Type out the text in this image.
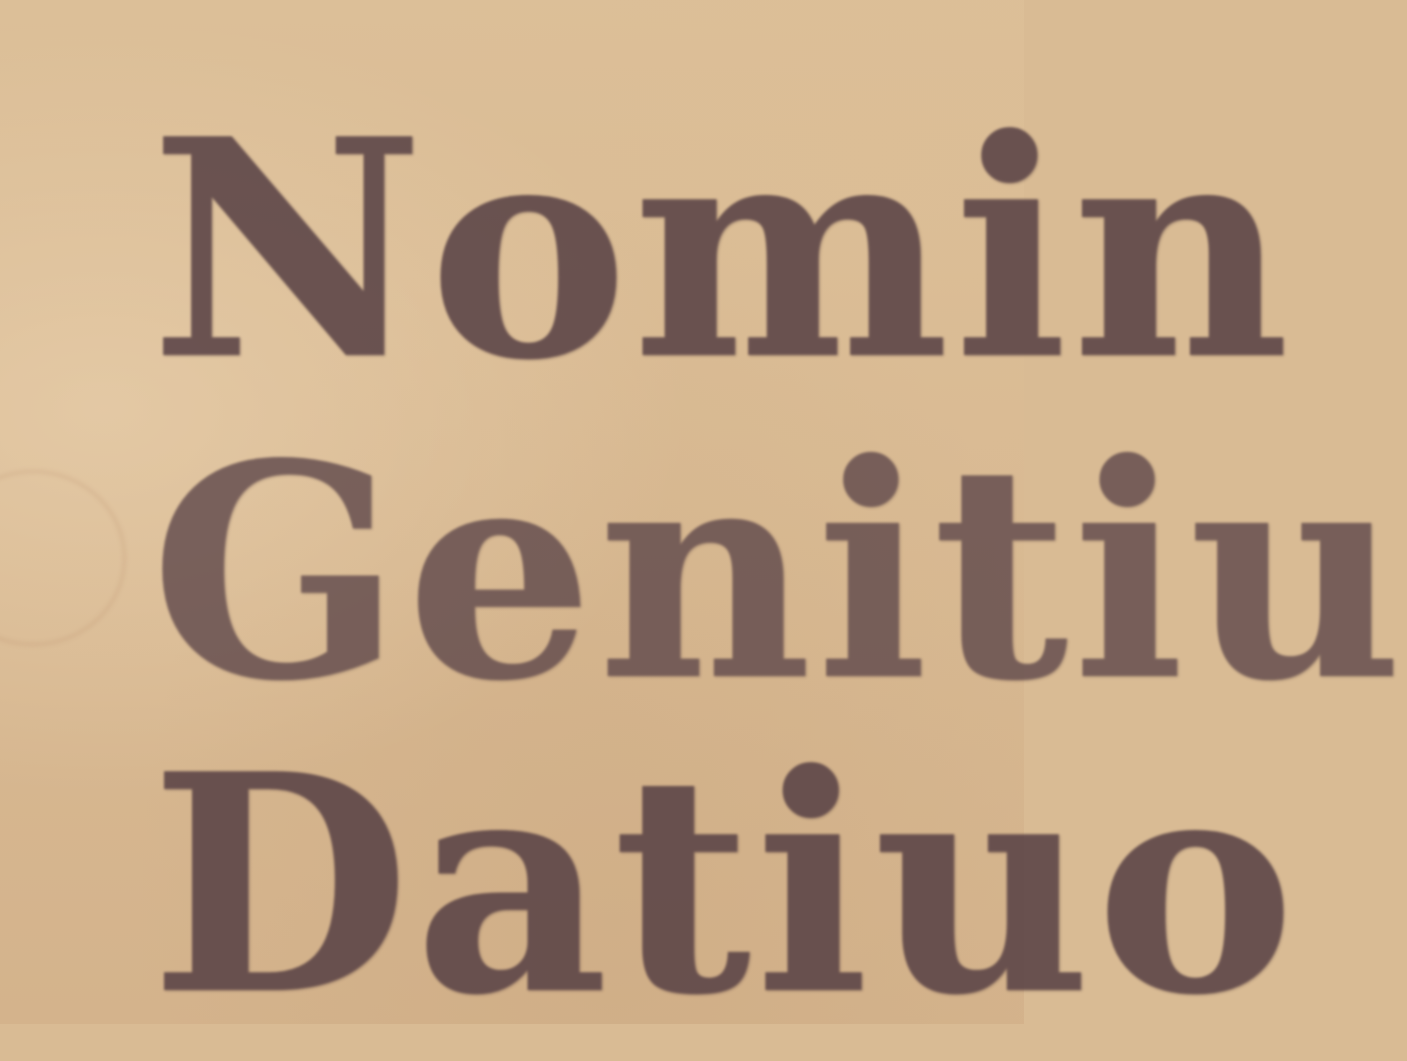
Nomin

Genitiu

Datiuo
